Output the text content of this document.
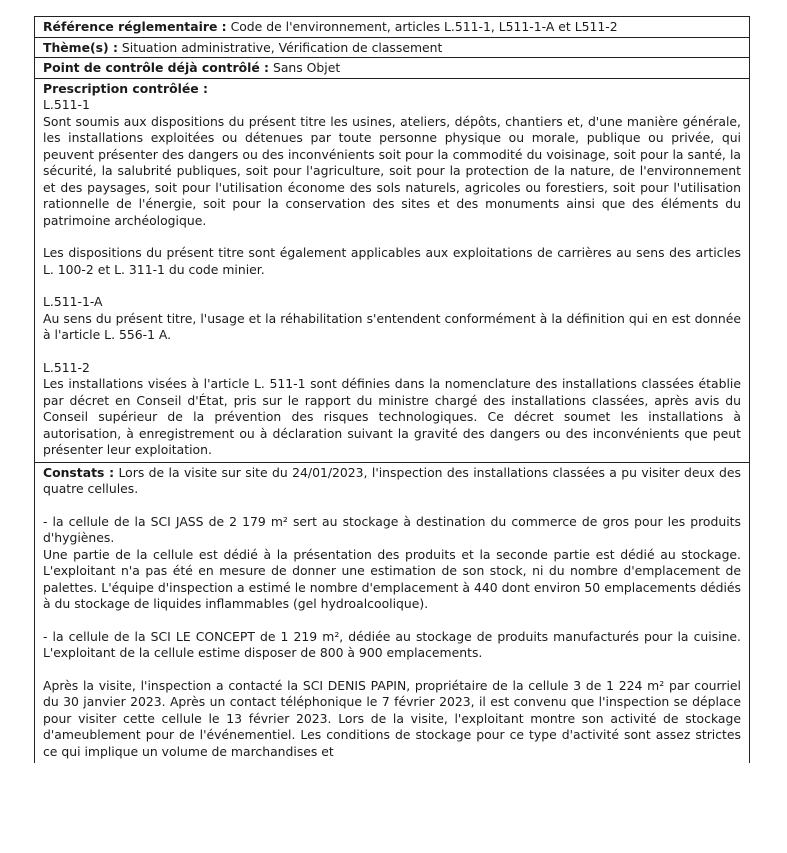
Référence réglementaire : Code de l'environnement, articles L.511-1, L511-1-A et L511-2
Thème(s) : Situation administrative, Vérification de classement
Point de contrôle déjà contrôlé : Sans Objet
Prescription contrôlée :

L.511-1

Sont soumis aux dispositions du présent titre les usines, ateliers, dépôts, chantiers et, d'une manière générale, les installations exploitées ou détenues par toute personne physique ou morale, publique ou privée, qui peuvent présenter des dangers ou des inconvénients soit pour la commodité du voisinage, soit pour la santé, la sécurité, la salubrité publiques, soit pour l'agriculture, soit pour la protection de la nature, de l'environnement et des paysages, soit pour l'utilisation économe des sols naturels, agricoles ou forestiers, soit pour l'utilisation rationnelle de l'énergie, soit pour la conservation des sites et des monuments ainsi que des éléments du patrimoine archéologique.

Les dispositions du présent titre sont également applicables aux exploitations de carrières au sens des articles L. 100-2 et L. 311-1 du code minier.

L.511-1-A

Au sens du présent titre, l'usage et la réhabilitation s'entendent conformément à la définition qui en est donnée à l'article L. 556-1 A.

L.511-2

Les installations visées à l'article L. 511-1 sont définies dans la nomenclature des installations classées établie par décret en Conseil d'État, pris sur le rapport du ministre chargé des installations classées, après avis du Conseil supérieur de la prévention des risques technologiques. Ce décret soumet les installations à autorisation, à enregistrement ou à déclaration suivant la gravité des dangers ou des inconvénients que peut présenter leur exploitation.

Constats : Lors de la visite sur site du 24/01/2023, l'inspection des installations classées a pu visiter deux des quatre cellules.

- la cellule de la SCI JASS de 2 179 m² sert au stockage à destination du commerce de gros pour les produits d'hygiènes.

Une partie de la cellule est dédié à la présentation des produits et la seconde partie est dédié au stockage. L'exploitant n'a pas été en mesure de donner une estimation de son stock, ni du nombre d'emplacement de palettes. L'équipe d'inspection a estimé le nombre d'emplacement à 440 dont environ 50 emplacements dédiés à du stockage de liquides inflammables (gel hydroalcoolique).

- la cellule de la SCI LE CONCEPT de 1 219 m², dédiée au stockage de produits manufacturés pour la cuisine. L'exploitant de la cellule estime disposer de 800 à 900 emplacements.

Après la visite, l'inspection a contacté la SCI DENIS PAPIN, propriétaire de la cellule 3 de 1 224 m² par courriel du 30 janvier 2023. Après un contact téléphonique le 7 février 2023, il est convenu que l'inspection se déplace pour visiter cette cellule le 13 février 2023. Lors de la visite, l'exploitant montre son activité de stockage d'ameublement pour de l'événementiel. Les conditions de stockage pour ce type d'activité sont assez strictes ce qui implique un volume de marchandises et
